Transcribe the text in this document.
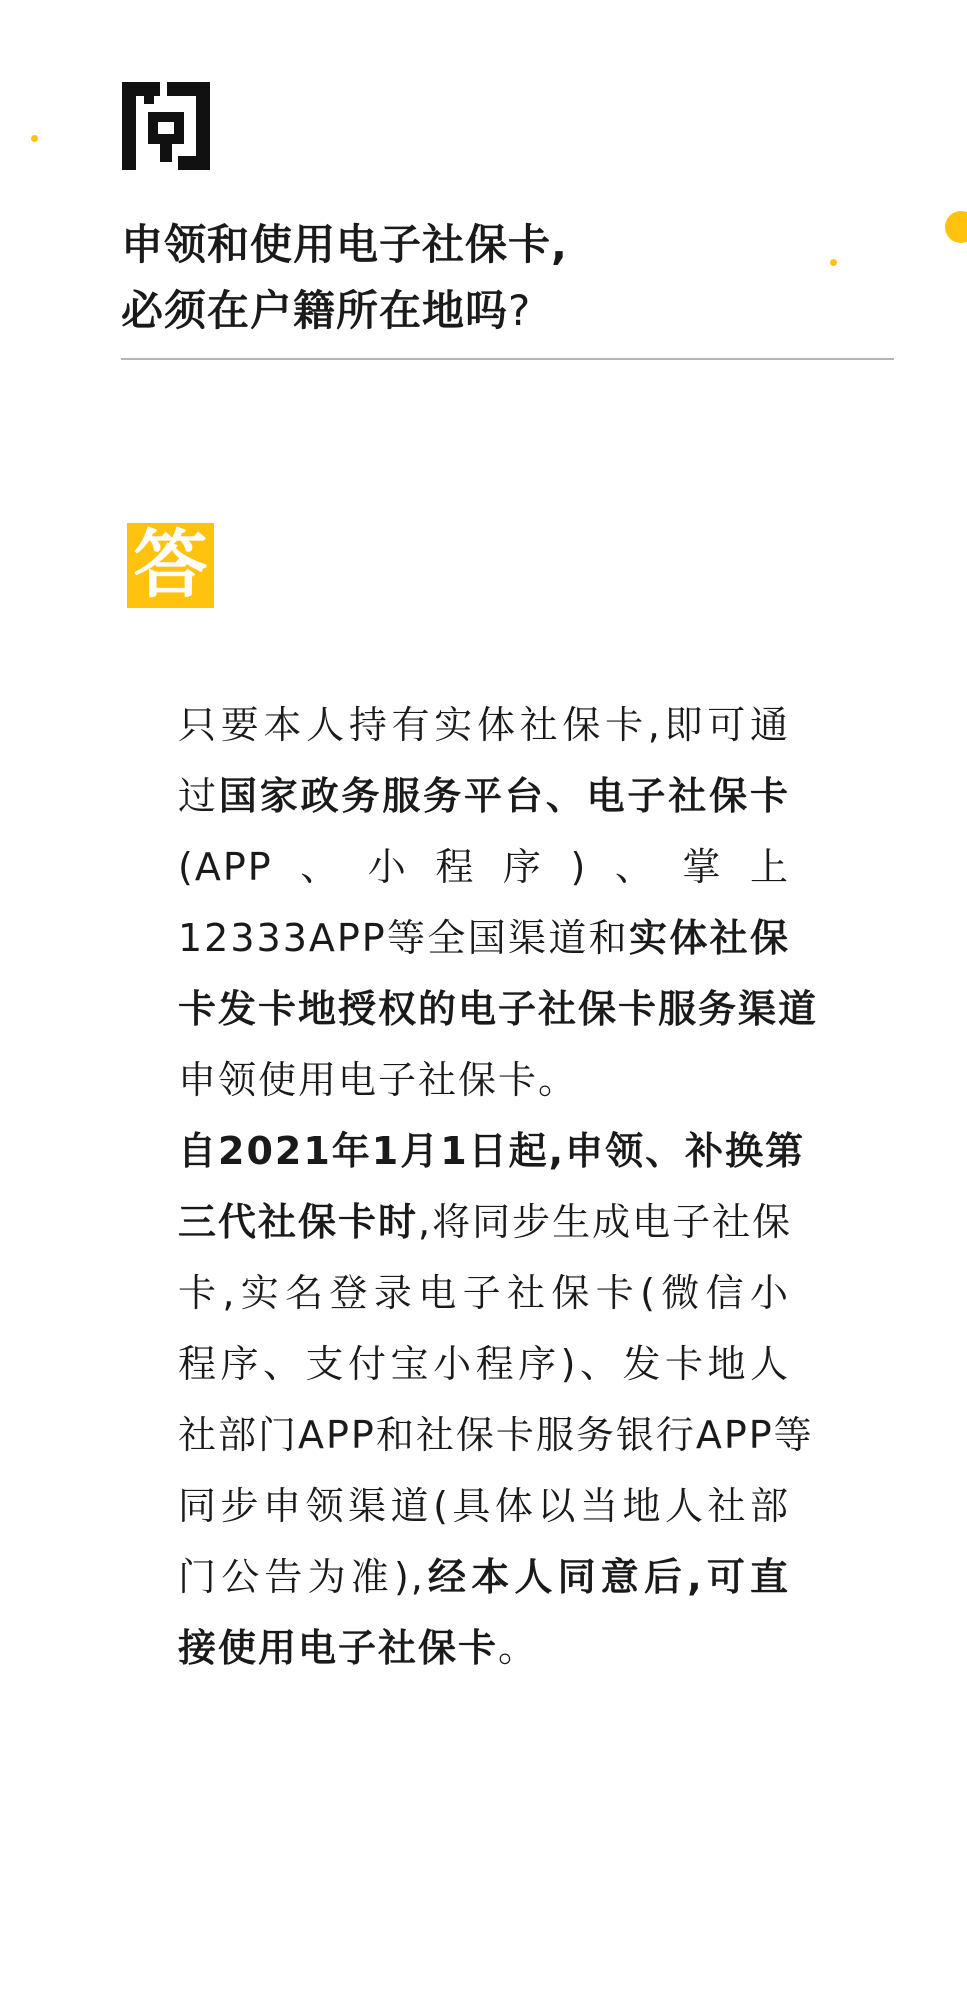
申领和使用电子社保卡,
必须在户籍所在地吗?
答
只要本人持有实体社保卡,即可通
过国家政务服务平台、电子社保卡
(APP、小程序)、掌上
12333APP等全国渠道和实体社保
卡发卡地授权的电子社保卡服务渠道
申领使用电子社保卡。
自2021年1月1日起,申领、补换第
三代社保卡时,将同步生成电子社保
卡,实名登录电子社保卡(微信小
程序、支付宝小程序)、发卡地人
社部门APP和社保卡服务银行APP等
同步申领渠道(具体以当地人社部
门公告为准),经本人同意后,可直
接使用电子社保卡。
